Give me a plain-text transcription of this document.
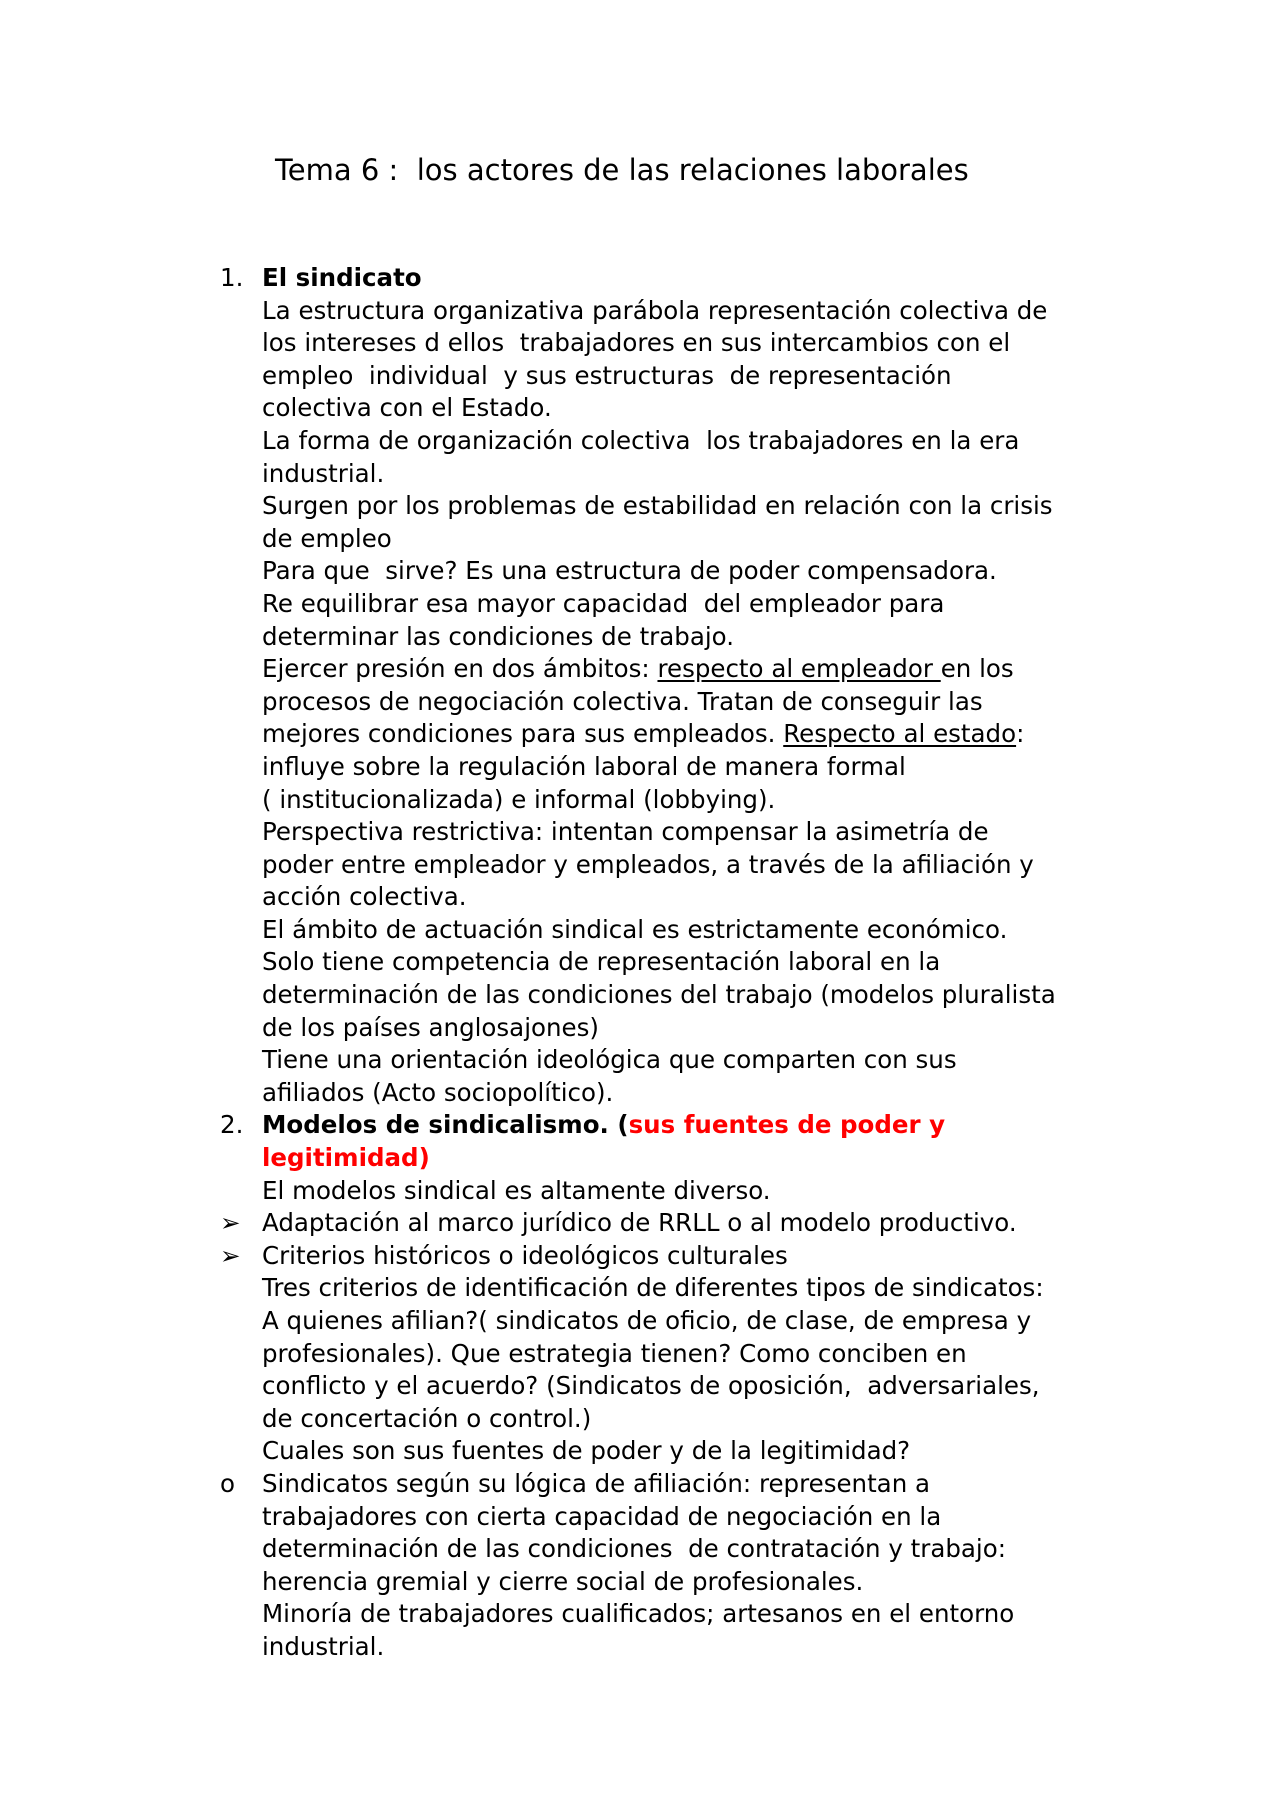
Tema 6 :  los actores de las relaciones laborales
1. El sindicato
La estructura organizativa parábola representación colectiva de
los intereses d ellos  trabajadores en sus intercambios con el
empleo  individual  y sus estructuras  de representación
colectiva con el Estado.
La forma de organización colectiva  los trabajadores en la era
industrial.
Surgen por los problemas de estabilidad en relación con la crisis
de empleo
Para que  sirve? Es una estructura de poder compensadora.
Re equilibrar esa mayor capacidad  del empleador para
determinar las condiciones de trabajo.
Ejercer presión en dos ámbitos: respecto al empleador en los
procesos de negociación colectiva. Tratan de conseguir las
mejores condiciones para sus empleados. Respecto al estado:
influye sobre la regulación laboral de manera formal
( institucionalizada) e informal (lobbying).
Perspectiva restrictiva: intentan compensar la asimetría de
poder entre empleador y empleados, a través de la afiliación y
acción colectiva.
El ámbito de actuación sindical es estrictamente económico.
Solo tiene competencia de representación laboral en la
determinación de las condiciones del trabajo (modelos pluralista
de los países anglosajones)
Tiene una orientación ideológica que comparten con sus
afiliados (Acto sociopolítico).
2. Modelos de sindicalismo. (sus fuentes de poder y
legitimidad)
El modelos sindical es altamente diverso.
➢ Adaptación al marco jurídico de RRLL o al modelo productivo.
➢ Criterios históricos o ideológicos culturales
Tres criterios de identificación de diferentes tipos de sindicatos:
A quienes afilian?( sindicatos de oficio, de clase, de empresa y
profesionales). Que estrategia tienen? Como conciben en
conflicto y el acuerdo? (Sindicatos de oposición,  adversariales,
de concertación o control.)
Cuales son sus fuentes de poder y de la legitimidad?
o	Sindicatos según su lógica de afiliación: representan a
trabajadores con cierta capacidad de negociación en la
determinación de las condiciones  de contratación y trabajo:
herencia gremial y cierre social de profesionales.
Minoría de trabajadores cualificados; artesanos en el entorno
industrial.
